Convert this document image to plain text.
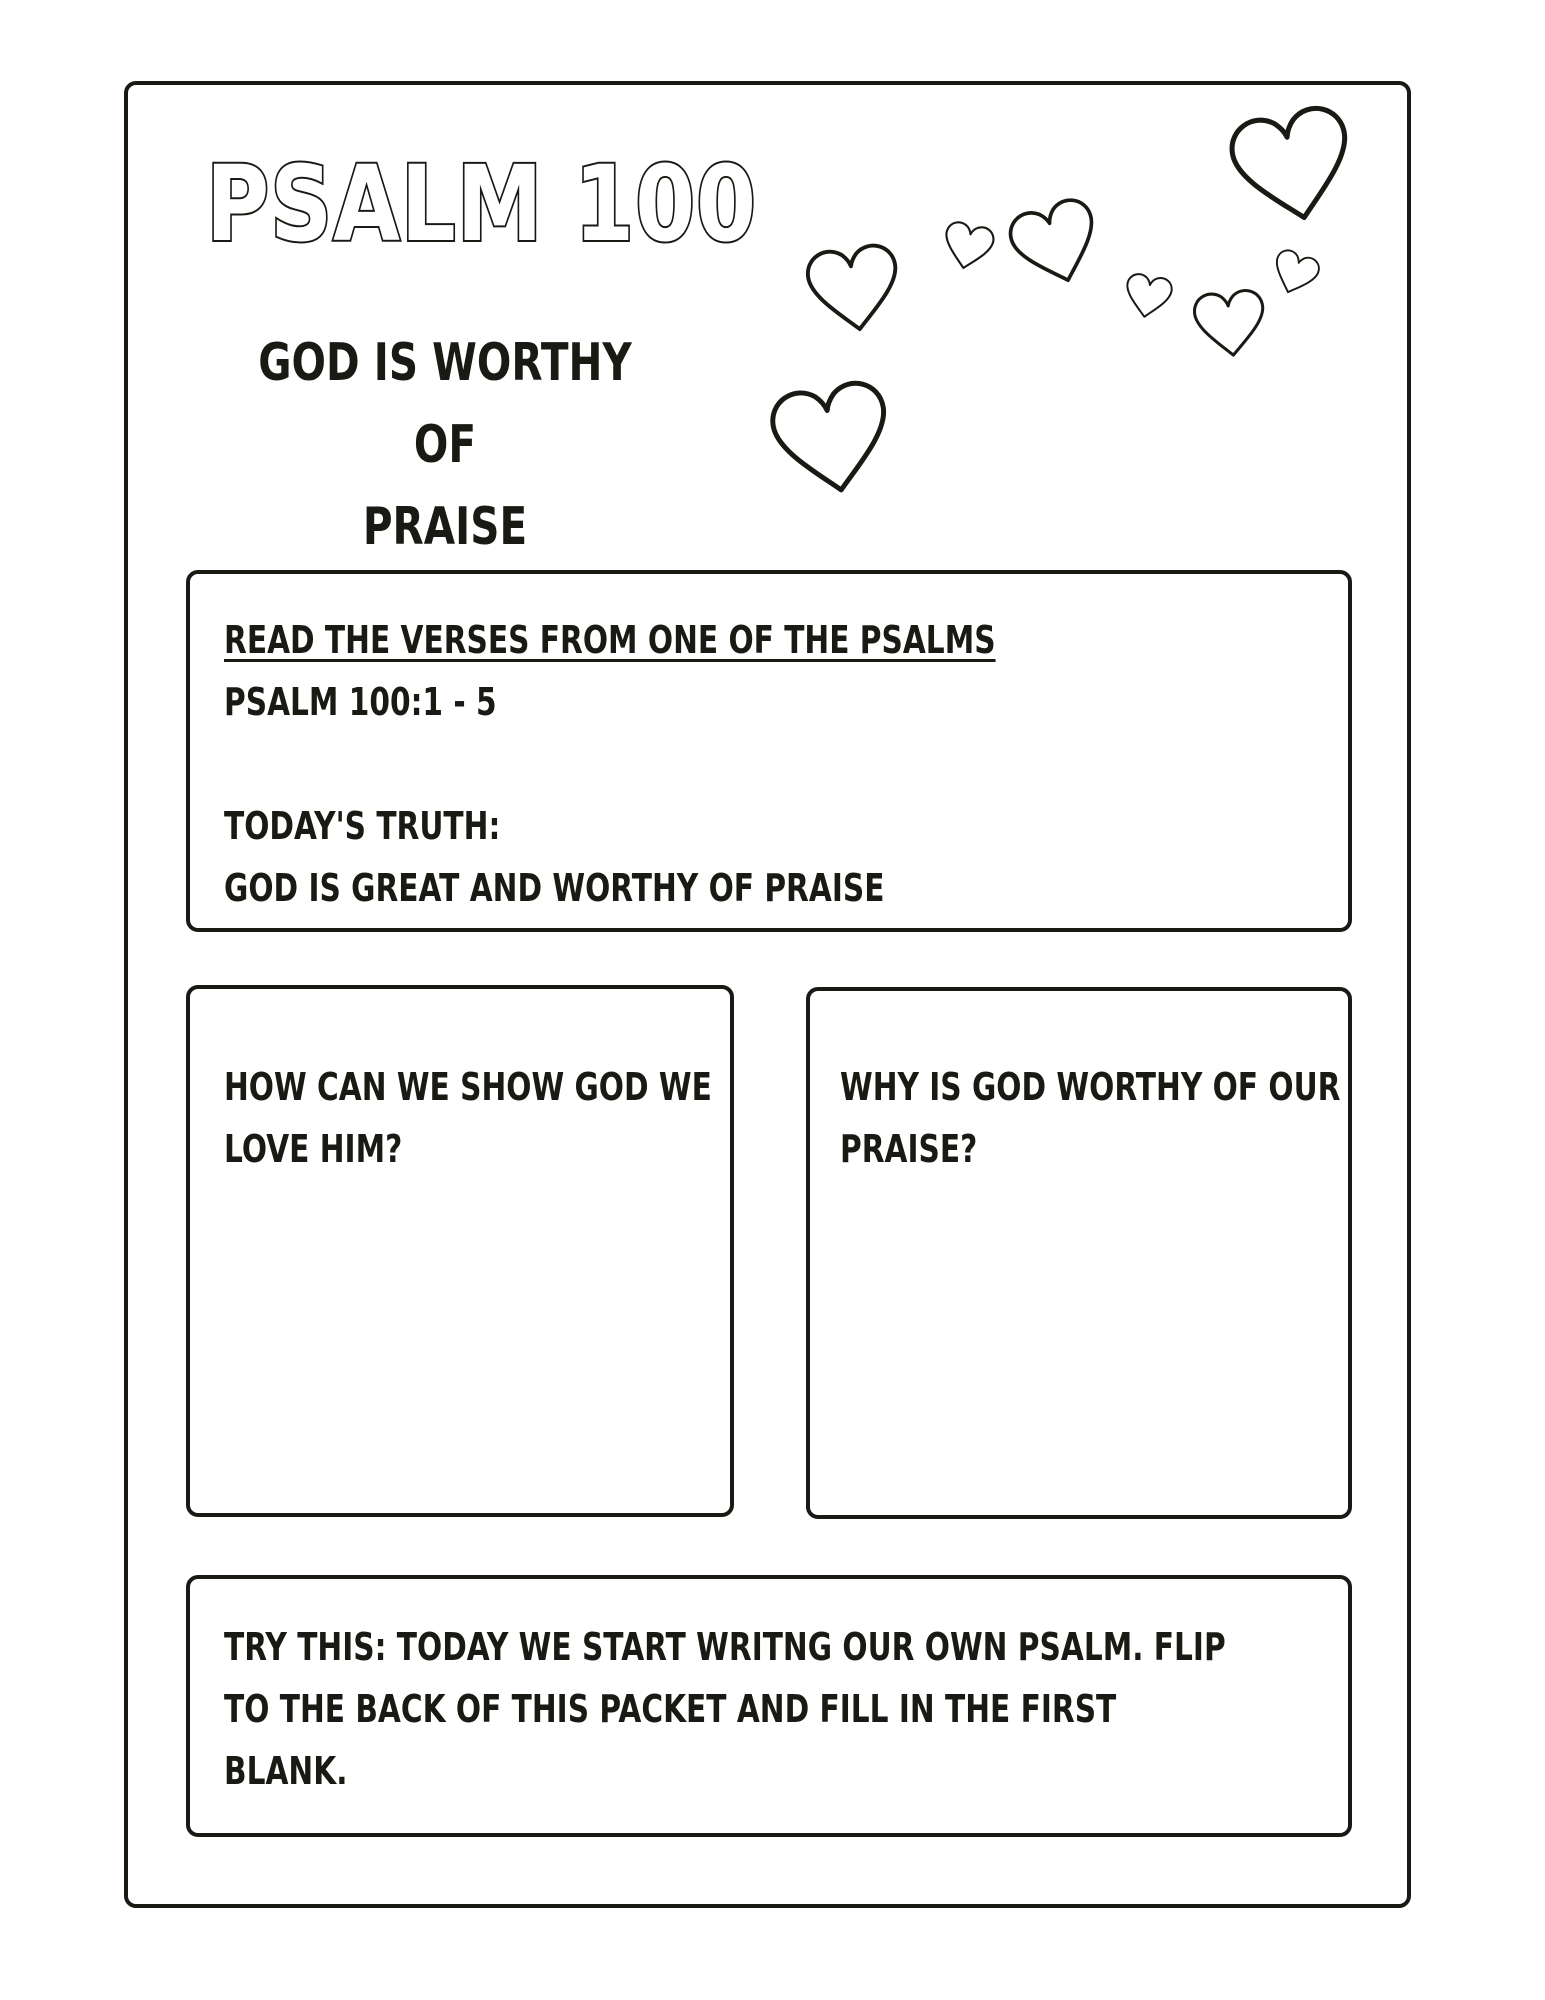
PSALM 100
GOD IS WORTHY OF
PRAISE

READ THE VERSES FROM ONE OF THE PSALMS

PSALM 100:1 - 5

TODAY'S TRUTH:

GOD IS GREAT AND WORTHY OF PRAISE

HOW CAN WE SHOW GOD WE

LOVE HIM?

WHY IS GOD WORTHY OF OUR

PRAISE?

TRY THIS: TODAY WE START WRITNG OUR OWN PSALM. FLIP

TO THE BACK OF THIS PACKET AND FILL IN THE FIRST

BLANK.
